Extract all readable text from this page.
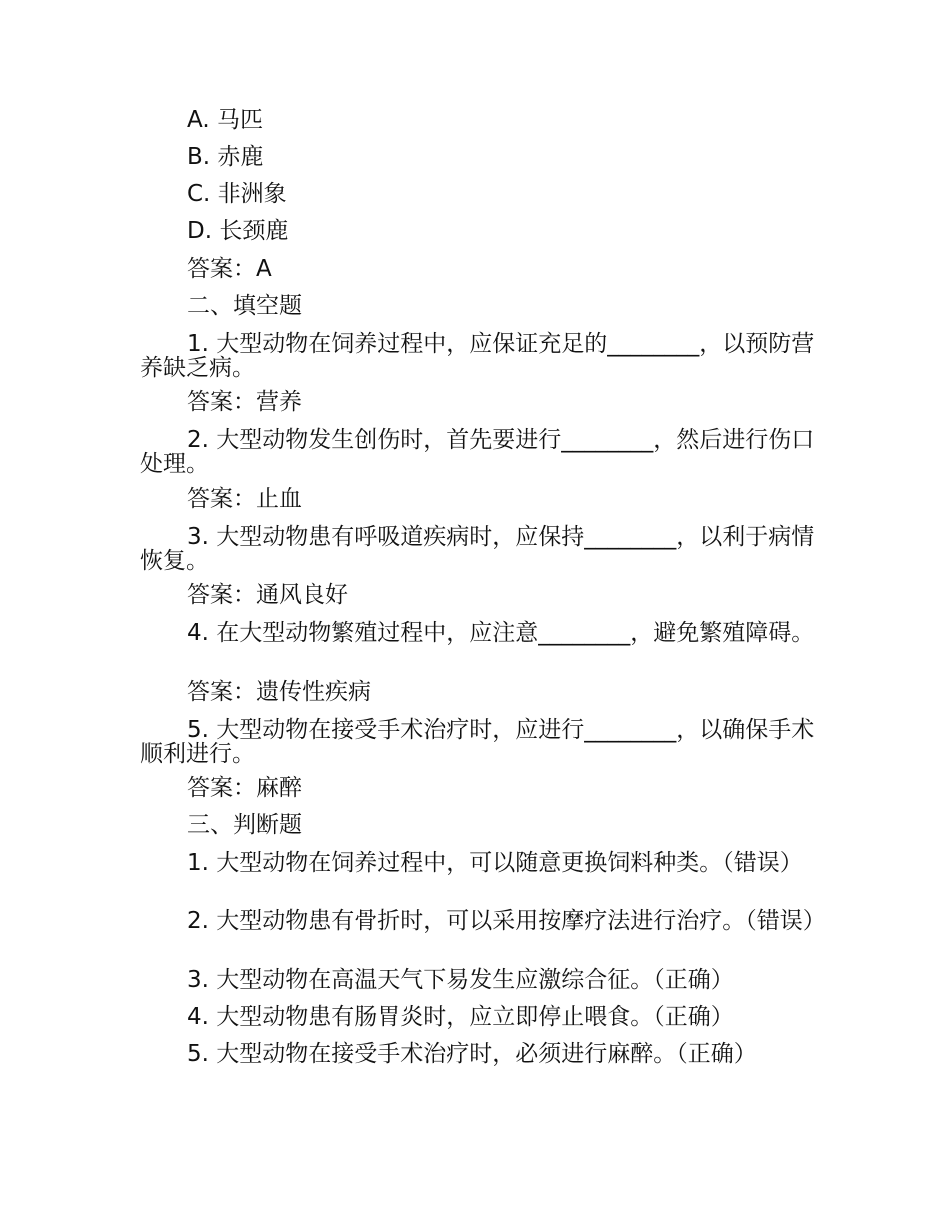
A. 马匹
B. 赤鹿
C. 非洲象
D. 长颈鹿
答案：A
二、填空题
1. 大型动物在饲养过程中，应保证充足的________，以预防营养缺乏病。
答案：营养
2. 大型动物发生创伤时，首先要进行________，然后进行伤口处理。
答案：止血
3. 大型动物患有呼吸道疾病时，应保持________，以利于病情恢复。
答案：通风良好
4. 在大型动物繁殖过程中，应注意________，避免繁殖障碍。
答案：遗传性疾病
5. 大型动物在接受手术治疗时，应进行________，以确保手术顺利进行。
答案：麻醉
三、判断题
1. 大型动物在饲养过程中，可以随意更换饲料种类。（错误）
2. 大型动物患有骨折时，可以采用按摩疗法进行治疗。（错误）
3. 大型动物在高温天气下易发生应激综合征。（正确）
4. 大型动物患有肠胃炎时，应立即停止喂食。（正确）
5. 大型动物在接受手术治疗时，必须进行麻醉。（正确）
